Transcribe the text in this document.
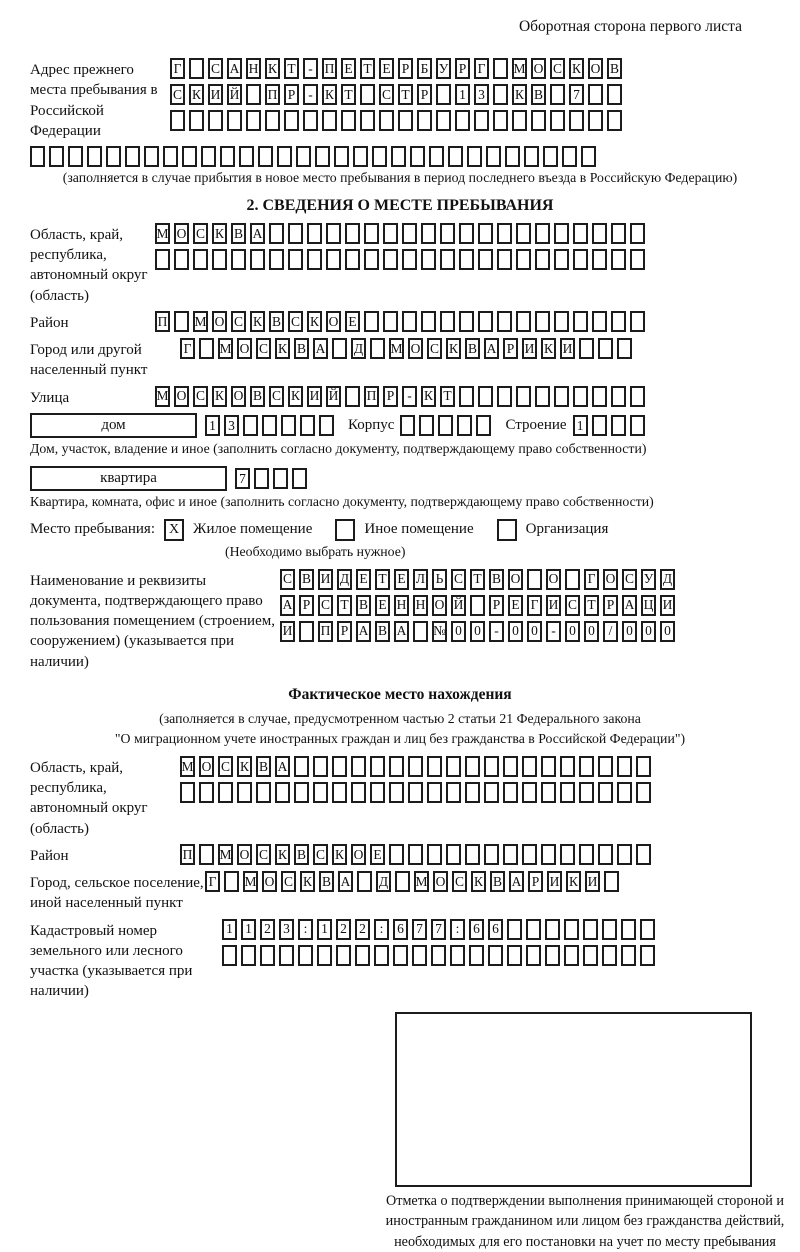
Оборотная сторона первого листа
Адрес прежнего места пребывания в Российской Федерации
Г С А Н К Т - П Е Т Е Р Б У Р Г М О С К О В
С К И Й П Р - К Т С Т Р	1 3	К В	7
(заполняется в случае прибытия в новое место пребывания в период последнего въезда в Российскую Федерацию)
2. СВЕДЕНИЯ О МЕСТЕ ПРЕБЫВАНИЯ
Область, край, республика, автономный округ (область)
М О С К В А
Район	П М О С К В С К О Е
Город или другой населенный пункт
Г М О С К В А Д М О С К В А Р И К И
Улица	М О С К О В С К И Й П Р - К Т
дом	1 3	Корпус	Строение 1
Дом, участок, владение и иное (заполнить согласно документу, подтверждающему право собственности)
квартира	7
Квартира, комната, офис и иное (заполнить согласно документу, подтверждающему право собственности)
Место пребывания: X Жилое помещение	Иное помещение	Организация
(Необходимо выбрать нужное)
Наименование и реквизиты документа, подтверждающего право пользования помещением (строением, сооружением) (указывается при наличии)
С В И Д Е Т Е Л Ь С Т В О О Г О С У Д
А Р С Т В Е Н Н О Й Р Е Г И С Т Р А Ц И
И П Р А В А № 0 0 - 0 0 - 0 0	/	0 0 0
Фактическое место нахождения
(заполняется в случае, предусмотренном частью 2 статьи 21 Федерального закона
"О миграционном учете иностранных граждан и лиц без гражданства в Российской Федерации")
Область, край, республика, автономный округ (область)
М О С К В А
Район	П М О С К В С К О Е
Город, сельское поселение, иной населенный пункт
Г М О С К В А Д М О С К В А Р И К И
Кадастровый номер земельного или лесного участка (указывается при наличии)
1 1 2 3	:	1 2 2	:	6 7 7	:	6 6
Отметка о подтверждении выполнения принимающей стороной и иностранным гражданином или лицом без гражданства действий, необходимых для его постановки на учет по месту пребывания
